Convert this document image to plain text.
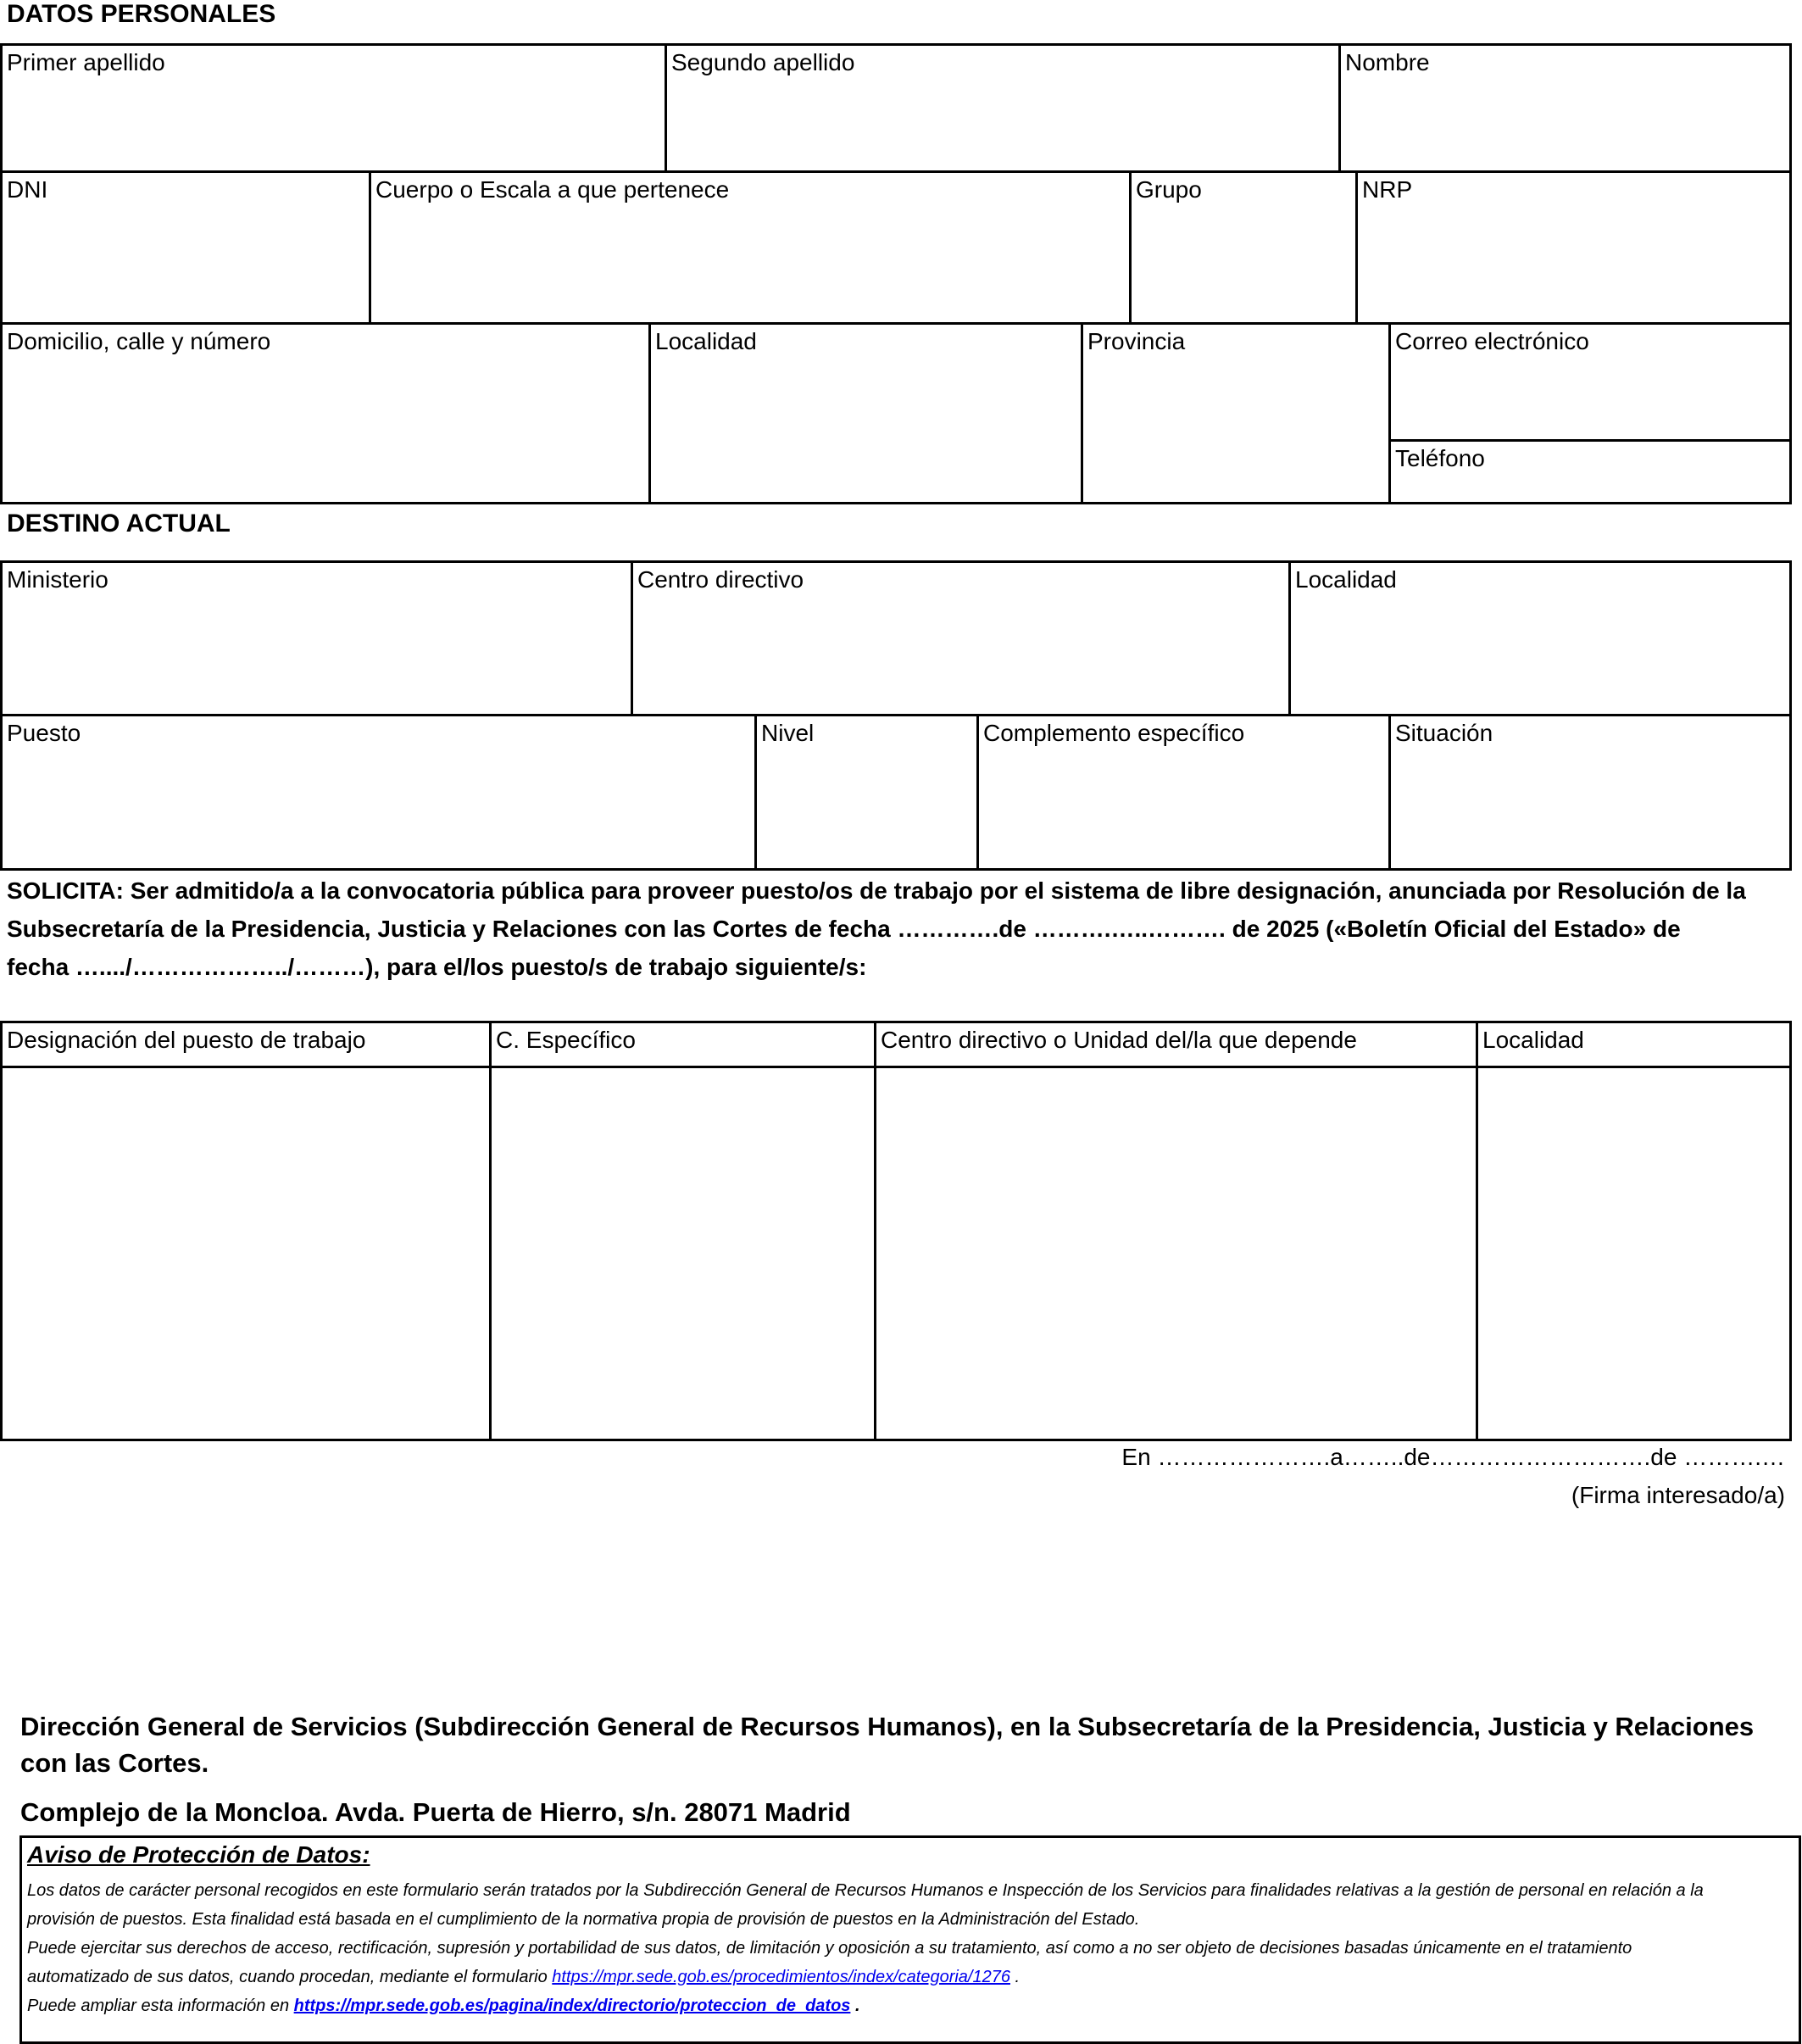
DATOS PERSONALES
Primer apellido	Segundo apellido	Nombre
DNI	Cuerpo o Escala a que pertenece	Grupo	NRP
Domicilio, calle y número	Localidad	Provincia	Correo electrónico
Teléfono
DESTINO ACTUAL
Ministerio	Centro directivo	Localidad
Puesto	Nivel	Complemento específico	Situación
SOLICITA: Ser admitido/a a la convocatoria pública para proveer puesto/os de trabajo por el sistema de libre designación, anunciada por Resolución de la
Subsecretaría de la Presidencia, Justicia y Relaciones con las Cortes de fecha ………….de ……….…..………. de 2025 («Boletín Oficial del Estado» de
fecha …..../………………../………), para el/los puesto/s de trabajo siguiente/s:
Designación del puesto de trabajo	C. Específico	Centro directivo o Unidad del/la que depende	Localidad
En ………………….a……..de……………………….de ……….…
(Firma interesado/a)
Dirección General de Servicios (Subdirección General de Recursos Humanos), en la Subsecretaría de la Presidencia, Justicia y Relaciones
con las Cortes.
Complejo de la Moncloa. Avda. Puerta de Hierro, s/n. 28071 Madrid
Aviso de Protección de Datos:
Los datos de carácter personal recogidos en este formulario serán tratados por la Subdirección General de Recursos Humanos e Inspección de los Servicios para finalidades relativas a la gestión de personal en relación a la
provisión de puestos. Esta finalidad está basada en el cumplimiento de la normativa propia de provisión de puestos en la Administración del Estado.
Puede ejercitar sus derechos de acceso, rectificación, supresión y portabilidad de sus datos, de limitación y oposición a su tratamiento, así como a no ser objeto de decisiones basadas únicamente en el tratamiento
automatizado de sus datos, cuando procedan, mediante el formulario https://mpr.sede.gob.es/procedimientos/index/categoria/1276 .
Puede ampliar esta información en https://mpr.sede.gob.es/pagina/index/directorio/proteccion_de_datos .
